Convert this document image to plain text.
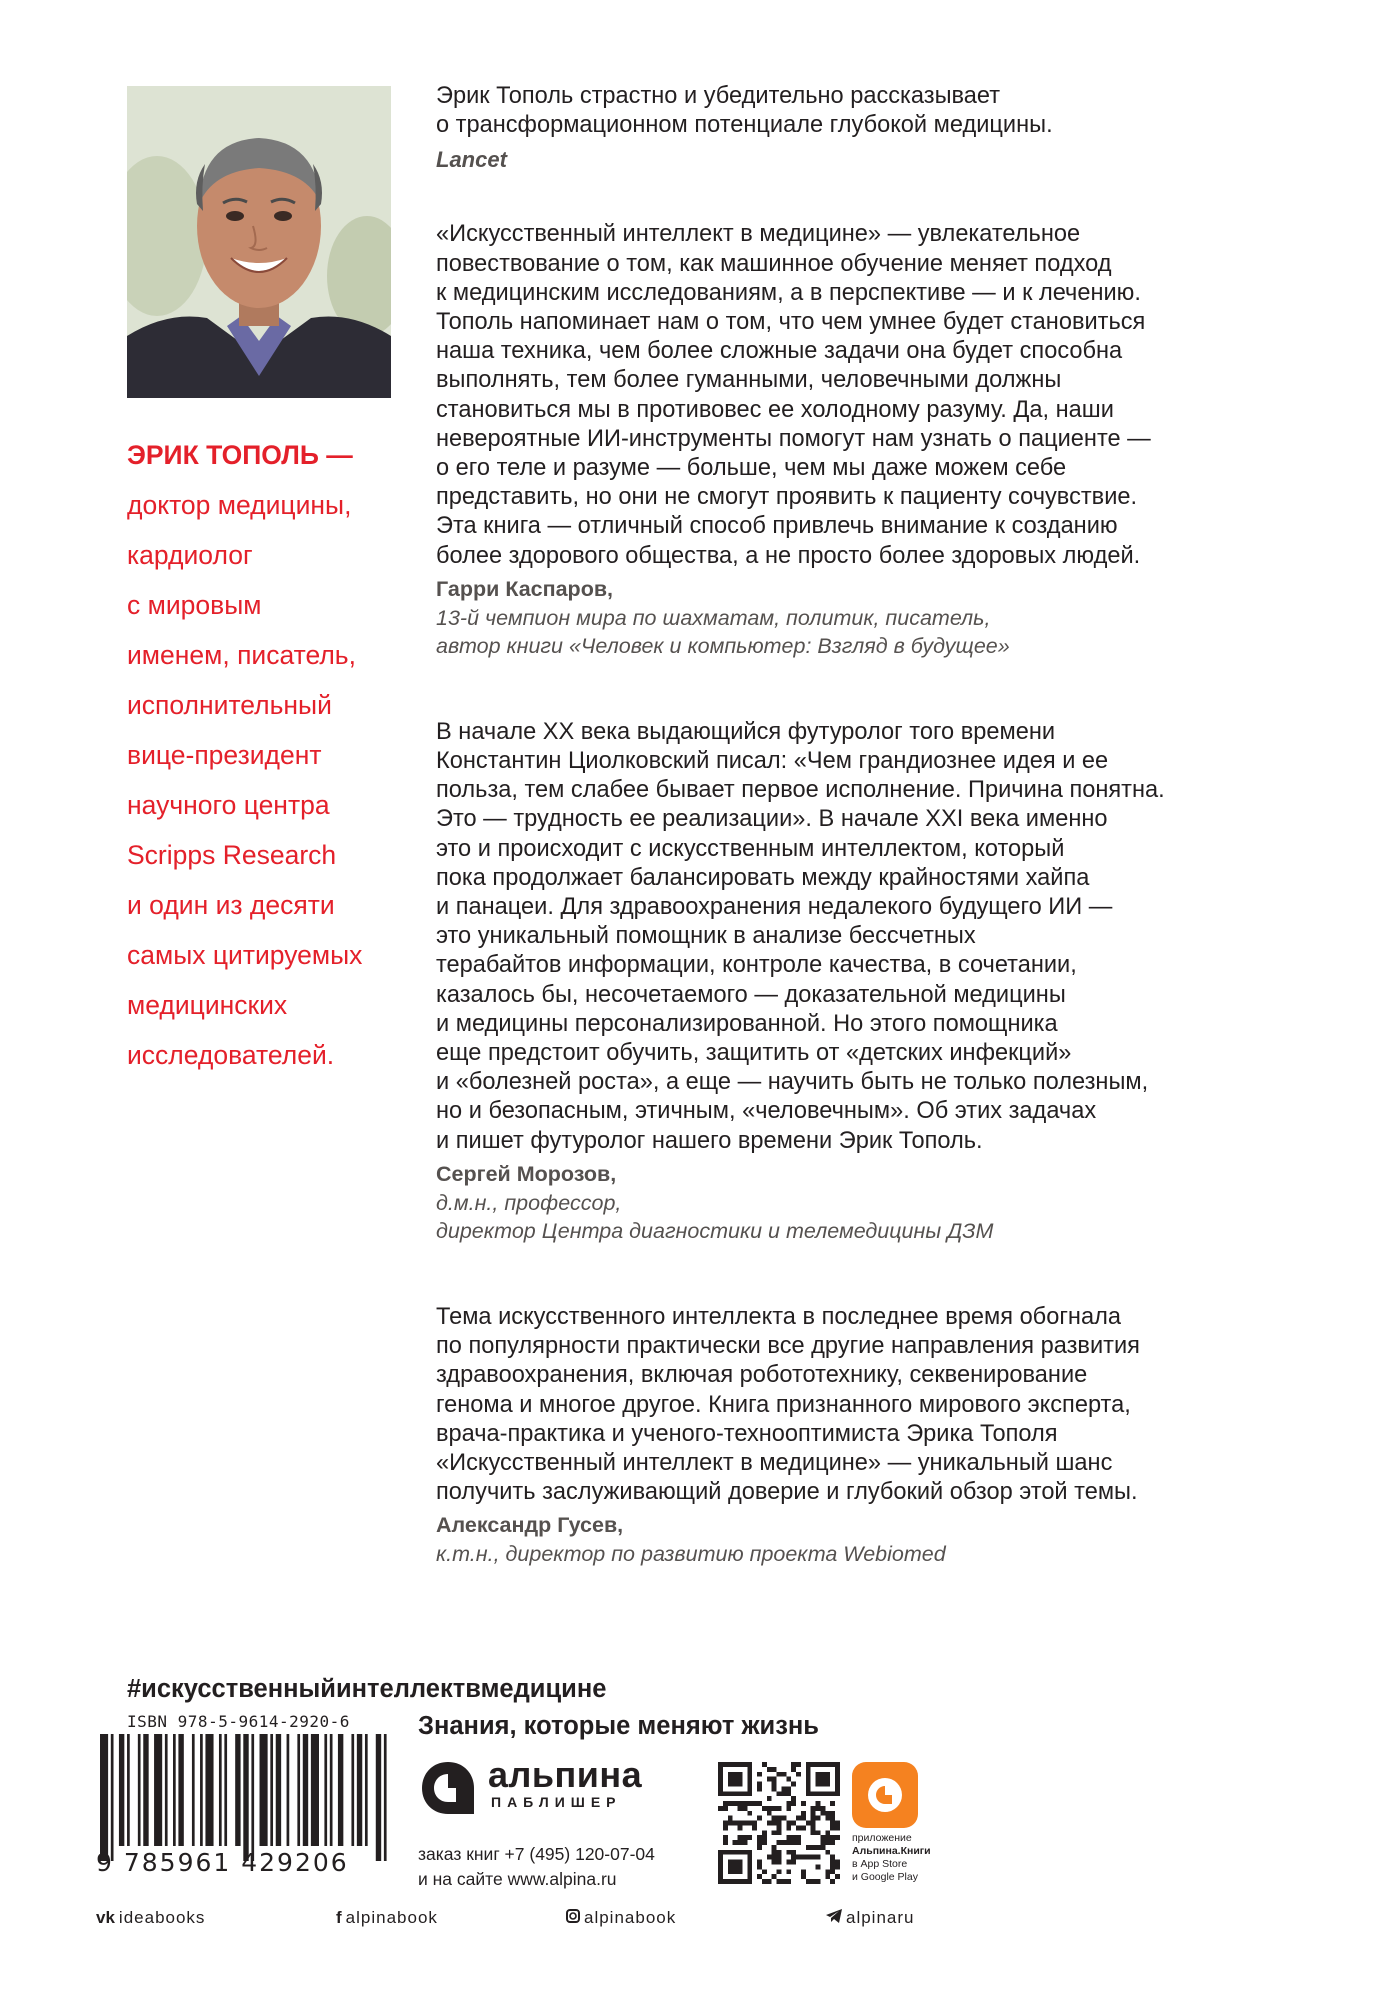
ЭРИК ТОПОЛЬ —
доктор медицины,
кардиолог
с мировым
именем, писатель,
исполнительный
вице-президент
научного центра
Scripps Research
и один из десяти
самых цитируемых
медицинских
исследователей.
Эрик Тополь страстно и убедительно рассказывает
о трансформационном потенциале глубокой медицины.
Lancet
«Искусственный интеллект в медицине» — увлекательное
повествование о том, как машинное обучение меняет подход
к медицинским исследованиям, а в перспективе — и к лечению.
Тополь напоминает нам о том, что чем умнее будет становиться
наша техника, чем более сложные задачи она будет способна
выполнять, тем более гуманными, человечными должны
становиться мы в противовес ее холодному разуму. Да, наши
невероятные ИИ-инструменты помогут нам узнать о пациенте —
о его теле и разуме — больше, чем мы даже можем себе
представить, но они не смогут проявить к пациенту сочувствие.
Эта книга — отличный способ привлечь внимание к созданию
более здорового общества, а не просто более здоровых людей.
Гарри Каспаров,
13-й чемпион мира по шахматам, политик, писатель,
автор книги «Человек и компьютер: Взгляд в будущее»
В начале XX века выдающийся футуролог того времени
Константин Циолковский писал: «Чем грандиознее идея и ее
польза, тем слабее бывает первое исполнение. Причина понятна.
Это — трудность ее реализации». В начале XXI века именно
это и происходит с искусственным интеллектом, который
пока продолжает балансировать между крайностями хайпа
и панацеи. Для здравоохранения недалекого будущего ИИ —
это уникальный помощник в анализе бессчетных
терабайтов информации, контроле качества, в сочетании,
казалось бы, несочетаемого — доказательной медицины
и медицины персонализированной. Но этого помощника
еще предстоит обучить, защитить от «детских инфекций»
и «болезней роста», а еще — научить быть не только полезным,
но и безопасным, этичным, «человечным». Об этих задачах
и пишет футуролог нашего времени Эрик Тополь.
Сергей Морозов,
д.м.н., профессор,
директор Центра диагностики и телемедицины ДЗМ
Тема искусственного интеллекта в последнее время обогнала
по популярности практически все другие направления развития
здравоохранения, включая робототехнику, секвенирование
генома и многое другое. Книга признанного мирового эксперта,
врача-практика и ученого-технооптимиста Эрика Тополя
«Искусственный интеллект в медицине» — уникальный шанс
получить заслуживающий доверие и глубокий обзор этой темы.
Александр Гусев,
к.т.н., директор по развитию проекта Webiomed
#искусственныйинтеллектвмедицине
ISBN 978-5-9614-2920-6
9 785961 429206
Знания, которые меняют жизнь
альпина
ПАБЛИШЕР
заказ книг +7 (495) 120-07-04
и на сайте www.alpina.ru
приложение
Альпина.Книги
в App Store
и Google Play
vk ideabooks	f alpinabook	alpinabook	alpinaru
